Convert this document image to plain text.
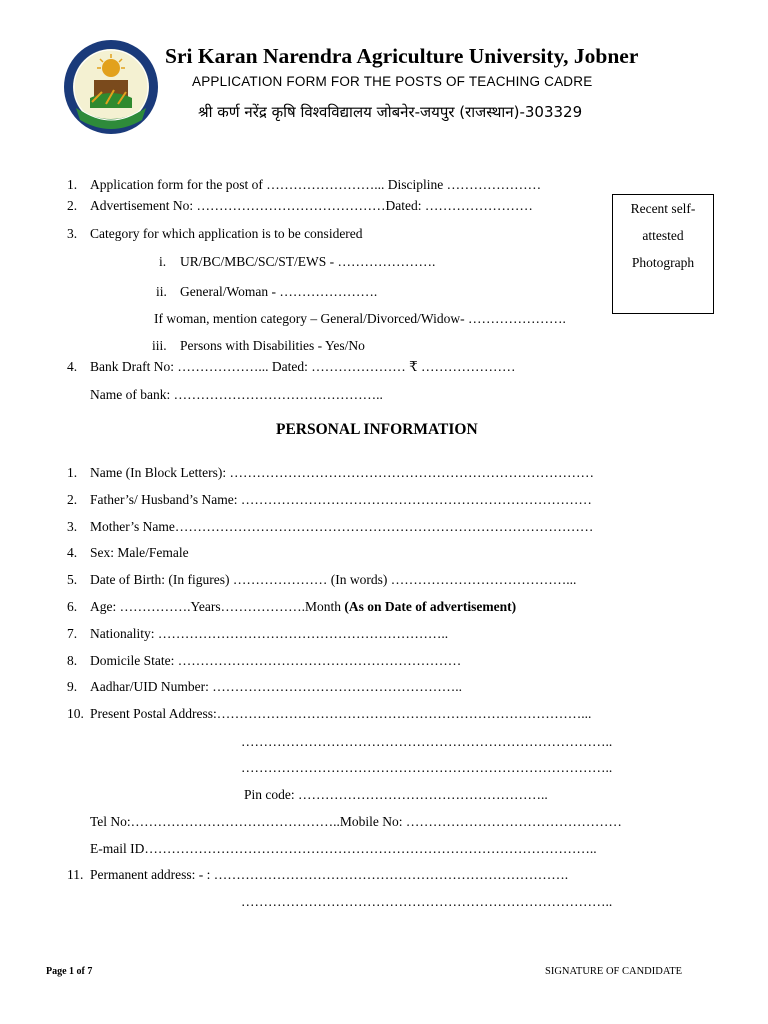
Sri Karan Narendra Agriculture University, Jobner
APPLICATION FORM FOR THE POSTS OF TEACHING CADRE
श्री कर्ण नरेंद्र कृषि विश्वविद्यालय जोबनेर-जयपुर (राजस्थान)-303329
Recent self-
attested
Photograph
1. Application form for the post of ……………………... Discipline …………………
2. Advertisement No: ……………………………………Dated: ……………………
3. Category for which application is to be considered
i. UR/BC/MBC/SC/ST/EWS - ………………….
ii. General/Woman - ………………….
If woman, mention category – General/Divorced/Widow- ………………….
iii. Persons with Disabilities - Yes/No
4. Bank Draft No: ………………... Dated: ………………… ₹ …………………
Name of bank: ………………………………………..
PERSONAL INFORMATION
1. Name (In Block Letters): ………………………………………………………………………
2. Father’s/ Husband’s Name: ……………………………………………………………………
3. Mother’s Name…………………………………………………………………………………
4. Sex: Male/Female
5. Date of Birth: (In figures) ………………… (In words) …………………………………...
6. Age: …………….Years……………….Month (As on Date of advertisement)
7. Nationality: ………………………………………………………..
8. Domicile State: ………………………………………………………
9. Aadhar/UID Number: ………………………………………………..
10. Present Postal Address:………………………………………………………………………...
………………………………………………………………………..
………………………………………………………………………..
Pin code: ………………………………………………..
Tel No:………………………………………..Mobile No: …………………………………………
E-mail ID………………………………………………………………………………………..
11. Permanent address: - : …………………………………………………………………….
………………………………………………………………………..
Page 1 of 7	SIGNATURE OF CANDIDATE
